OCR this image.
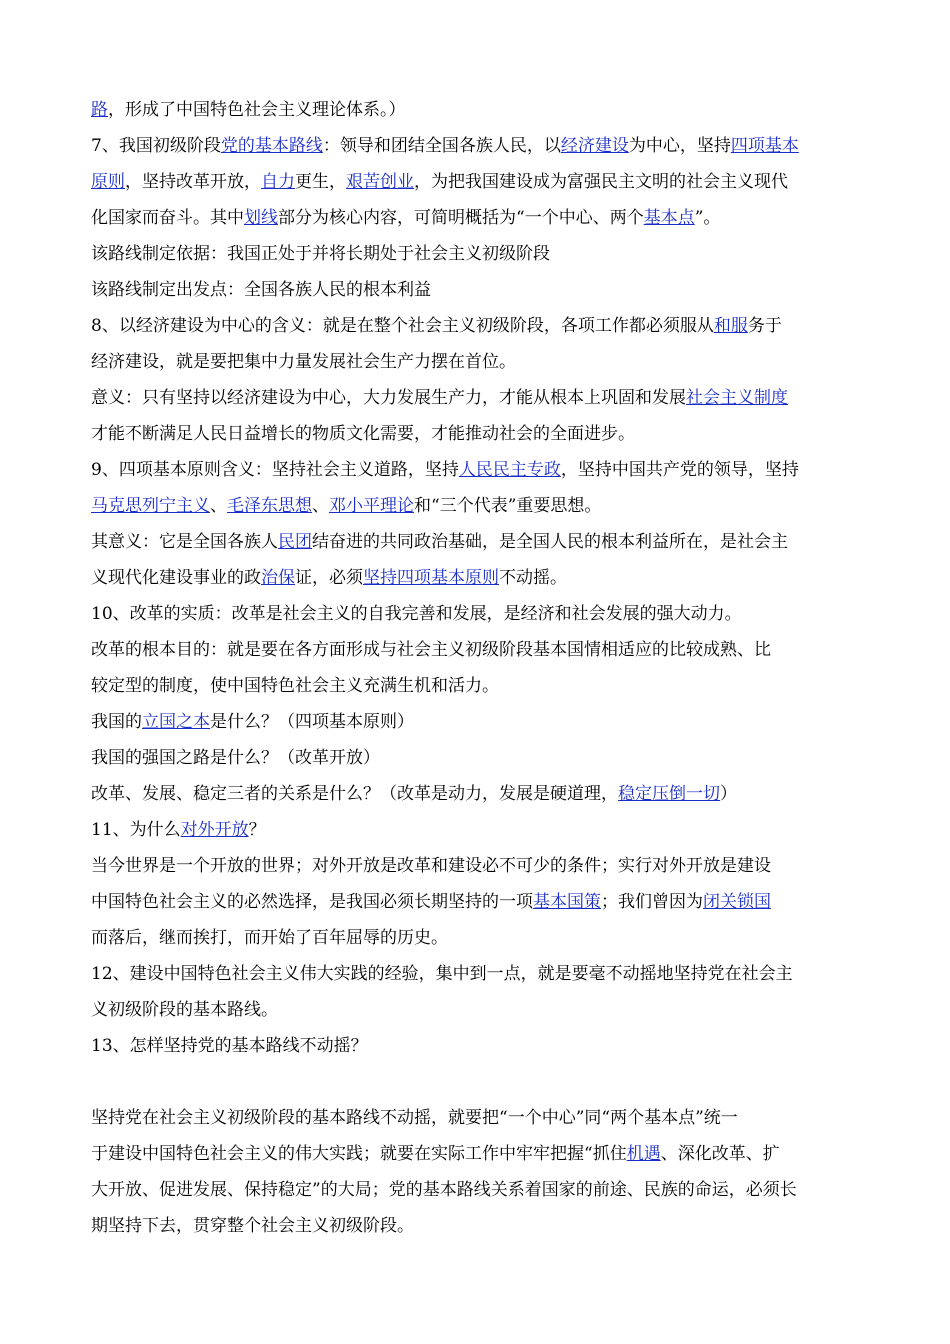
路，形成了中国特色社会主义理论体系。）
7、我国初级阶段党的基本路线：领导和团结全国各族人民，以经济建设为中心，坚持四项基本
原则，坚持改革开放，自力更生，艰苦创业，为把我国建设成为富强民主文明的社会主义现代
化国家而奋斗。其中划线部分为核心内容，可简明概括为“一个中心、两个基本点”。
该路线制定依据：我国正处于并将长期处于社会主义初级阶段
该路线制定出发点：全国各族人民的根本利益
8、以经济建设为中心的含义：就是在整个社会主义初级阶段，各项工作都必须服从和服务于
经济建设，就是要把集中力量发展社会生产力摆在首位。
意义：只有坚持以经济建设为中心，大力发展生产力，才能从根本上巩固和发展社会主义制度
才能不断满足人民日益增长的物质文化需要，才能推动社会的全面进步。
9、四项基本原则含义：坚持社会主义道路，坚持人民民主专政，坚持中国共产党的领导，坚持
马克思列宁主义、毛泽东思想、邓小平理论和“三个代表”重要思想。
其意义：它是全国各族人民团结奋进的共同政治基础，是全国人民的根本利益所在，是社会主
义现代化建设事业的政治保证，必须坚持四项基本原则不动摇。
10、改革的实质：改革是社会主义的自我完善和发展，是经济和社会发展的强大动力。
改革的根本目的：就是要在各方面形成与社会主义初级阶段基本国情相适应的比较成熟、比
较定型的制度，使中国特色社会主义充满生机和活力。
我国的立国之本是什么？（四项基本原则）
我国的强国之路是什么？（改革开放）
改革、发展、稳定三者的关系是什么？（改革是动力，发展是硬道理，稳定压倒一切）
11、为什么对外开放？
当今世界是一个开放的世界；对外开放是改革和建设必不可少的条件；实行对外开放是建设
中国特色社会主义的必然选择，是我国必须长期坚持的一项基本国策；我们曾因为闭关锁国
而落后，继而挨打，而开始了百年屈辱的历史。
12、建设中国特色社会主义伟大实践的经验，集中到一点，就是要毫不动摇地坚持党在社会主
义初级阶段的基本路线。
13、怎样坚持党的基本路线不动摇？
坚持党在社会主义初级阶段的基本路线不动摇，就要把“一个中心”同“两个基本点”统一
于建设中国特色社会主义的伟大实践；就要在实际工作中牢牢把握“抓住机遇、深化改革、扩
大开放、促进发展、保持稳定”的大局；党的基本路线关系着国家的前途、民族的命运，必须长
期坚持下去，贯穿整个社会主义初级阶段。
